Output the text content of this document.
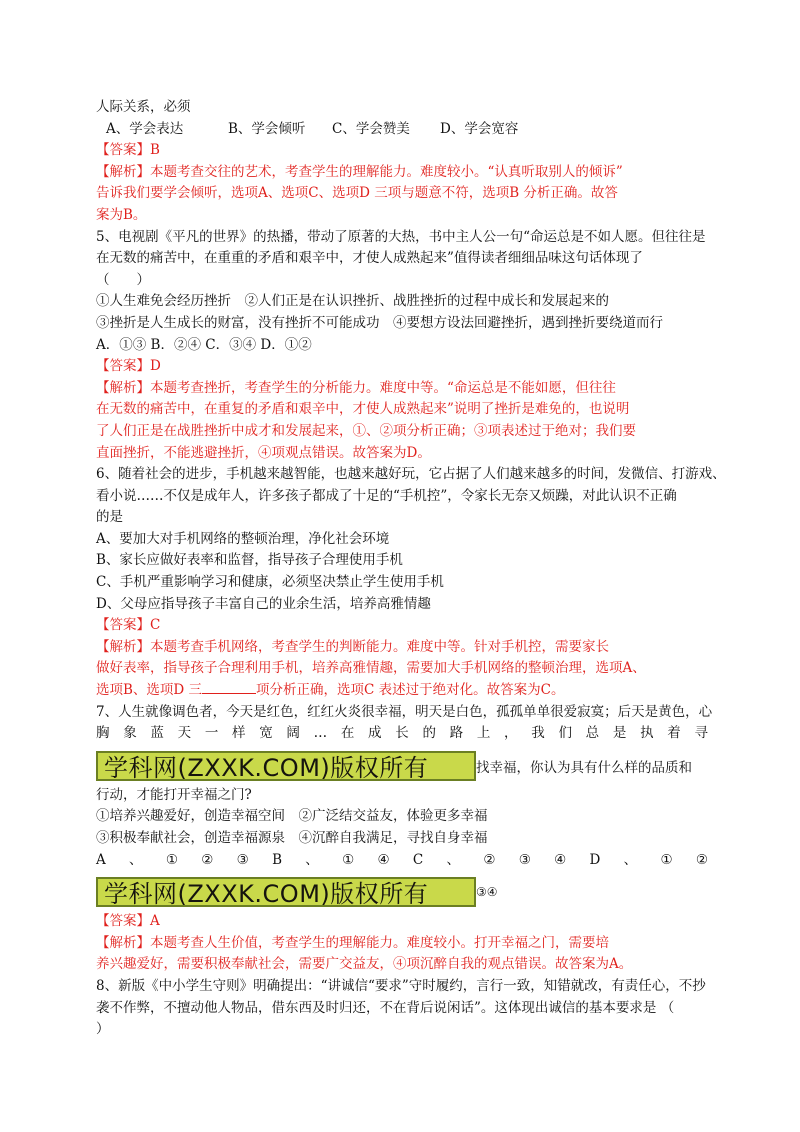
人际关系，必须
A、学会表达	B、学会倾听 C、学会赞美 D、学会宽容
【答案】B
【解析】本题考查交往的艺术，考查学生的理解能力。难度较小。“认真听取别人的倾诉”
告诉我们要学会倾听，选项A、选项C、选项D 三项与题意不符，选项B 分析正确。故答
案为B。
5、电视剧《平凡的世界》的热播，带动了原著的大热，书中主人公一句“命运总是不如人愿。但往往是
在无数的痛苦中，在重重的矛盾和艰辛中，才使人成熟起来”值得读者细细品味这句话体现了
（　　）
①人生难免会经历挫折　②人们正是在认识挫折、战胜挫折的过程中成长和发展起来的
③挫折是人生成长的财富，没有挫折不可能成功　④要想方设法回避挫折，遇到挫折要绕道而行
A．①③ B．②④ C．③④ D．①②
【答案】D
【解析】本题考查挫折，考查学生的分析能力。难度中等。“命运总是不能如愿，但往往
在无数的痛苦中，在重复的矛盾和艰辛中，才使人成熟起来”说明了挫折是难免的，也说明
了人们正是在战胜挫折中成才和发展起来，①、②项分析正确；③项表述过于绝对；我们要
直面挫折，不能逃避挫折，④项观点错误。故答案为D。
6、随着社会的进步，手机越来越智能，也越来越好玩，它占据了人们越来越多的时间，发微信、打游戏、
看小说……不仅是成年人，许多孩子都成了十足的“手机控”，令家长无奈又烦躁，对此认识不正确
的是
A、要加大对手机网络的整顿治理，净化社会环境
B、家长应做好表率和监督，指导孩子合理使用手机
C、手机严重影响学习和健康，必须坚决禁止学生使用手机
D、父母应指导孩子丰富自己的业余生活，培养高雅情趣
【答案】C
【解析】本题考查手机网络，考查学生的判断能力。难度中等。针对手机控，需要家长
做好表率，指导孩子合理利用手机，培养高雅情趣，需要加大手机网络的整顿治理，选项A、
选项B、选项D 三	项分析正确，选项C 表述过于绝对化。故答案为C。
7、人生就像调色者，今天是红色，红红火炎很幸福，明天是白色，孤孤单单很爱寂寞；后天是黄色，心
胸 象 蓝 天 一 样 宽 阔 … 在 成 长 的 路 上 ， 我 们 总 是 执 着 寻
学科网(ZXXK.COM)版权所有	找幸福，你认为具有什么样的品质和
行动，才能打开幸福之门?
①培养兴趣爱好，创造幸福空间　②广泛结交益友，体验更多幸福
③积极奉献社会，创造幸福源泉　④沉醉自我满足，寻找自身幸福
A 、 ① ② ③ B 、 ① ④ C 、 ② ③ ④ D 、 ① ②
学科网(ZXXK.COM)版权所有	③④
【答案】A
【解析】本题考查人生价值，考查学生的理解能力。难度较小。打开幸福之门，需要培
养兴趣爱好，需要积极奉献社会，需要广交益友，④项沉醉自我的观点错误。故答案为A。
8、新版《中小学生守则》明确提出：“讲诚信“要求”守时履约，言行一致，知错就改，有责任心，不抄
袭不作弊，不擅动他人物品，借东西及时归还，不在背后说闲话”。这体现出诚信的基本要求是 （
）
